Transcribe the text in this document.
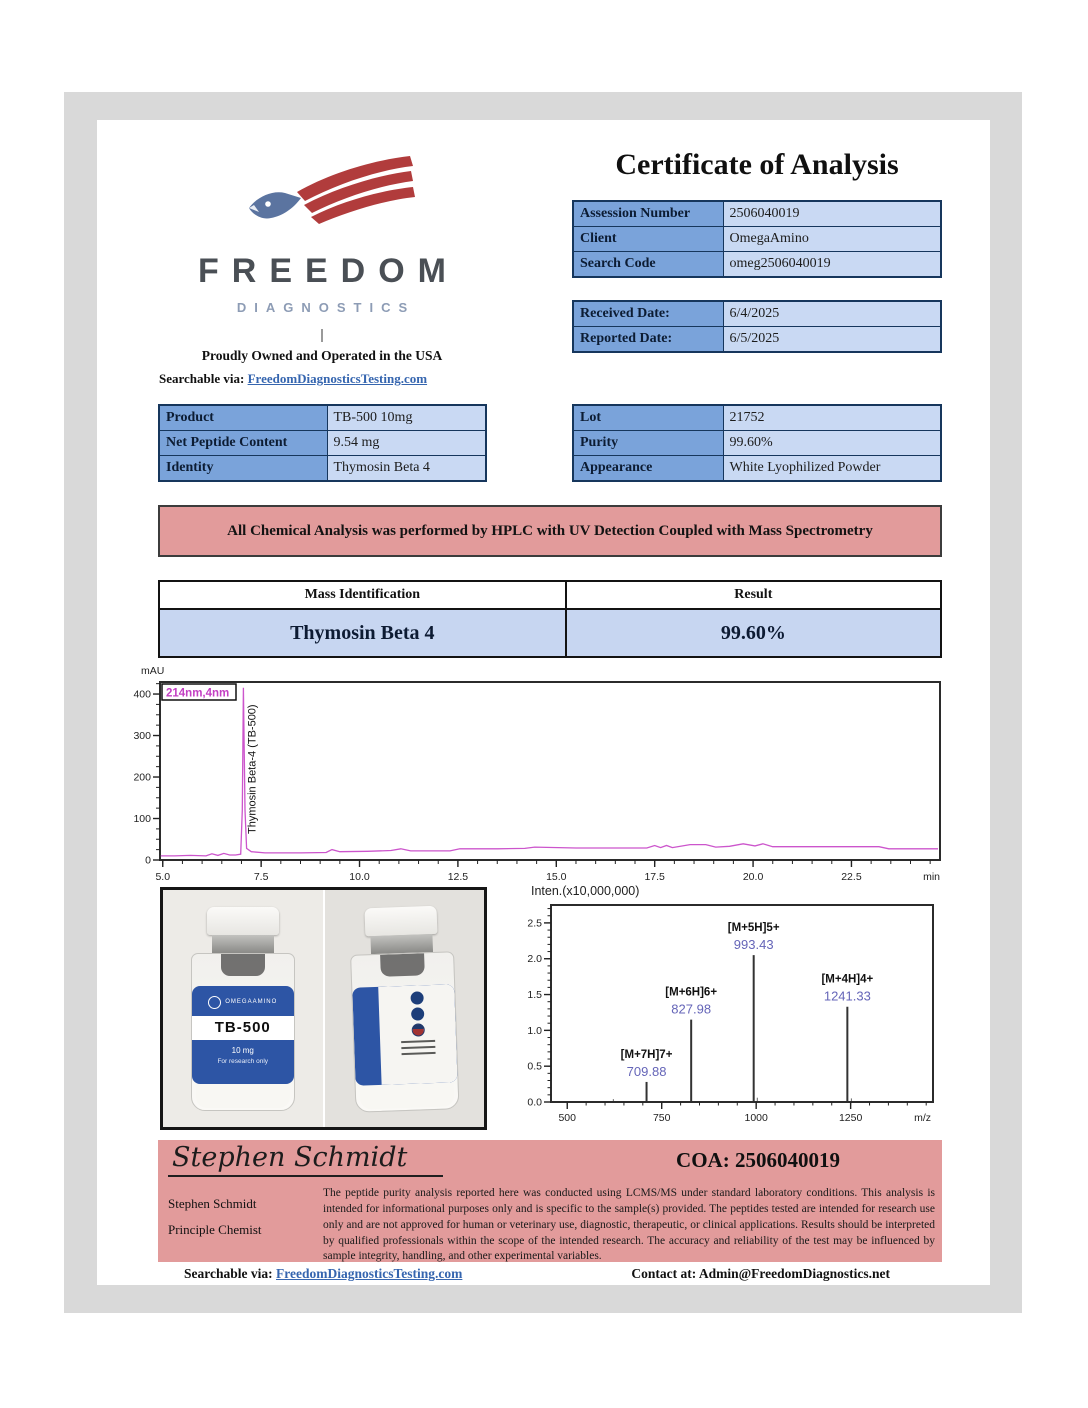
FREEDOM
DIAGNOSTICS
Proudly Owned and Operated in the USA
Searchable via: FreedomDiagnosticsTesting.com
Certificate of Analysis
Assession Number	2506040019
Client	OmegaAmino
Search Code	omeg2506040019
Received Date:	6/4/2025
Reported Date:	6/5/2025
Product	TB-500 10mg
Net Peptide Content	9.54 mg
Identity	Thymosin Beta 4
Lot	21752
Purity	99.60%
Appearance	White Lyophilized Powder
All Chemical Analysis was performed by HPLC with UV Detection Coupled with Mass Spectrometry
Mass Identification	Result
Thymosin Beta 4	99.60%
5.0	7.5	10.0	12.5	15.0	17.5	20.0	22.5	min
0
100
200
300
400
mAU
214nm,4nm
Thymosin Beta-4 (TB-500)
OMEGAAMINO
TB-500
10 mg
For research only
Inten.(x10,000,000)
500	750	1000	1250	m/z
0.0
0.5
1.0
1.5
2.0
2.5
709.88
[M+7H]7+
827.98
[M+6H]6+
993.43
[M+5H]5+
1241.33
[M+4H]4+
Stephen Schmidt	COA: 2506040019
Stephen Schmidt
Principle Chemist
The peptide purity analysis reported here was conducted using LCMS/MS under standard laboratory conditions. This analysis is intended for informational purposes only and is specific to the sample(s) provided. The peptides tested are intended for research use only and are not approved for human or veterinary use, diagnostic, therapeutic, or clinical applications. Results should be interpreted by qualified professionals within the scope of the intended research. The accuracy and reliability of the test may be influenced by sample integrity, handling, and other experimental variables.
Searchable via: FreedomDiagnosticsTesting.com	Contact at: Admin@FreedomDiagnostics.net
